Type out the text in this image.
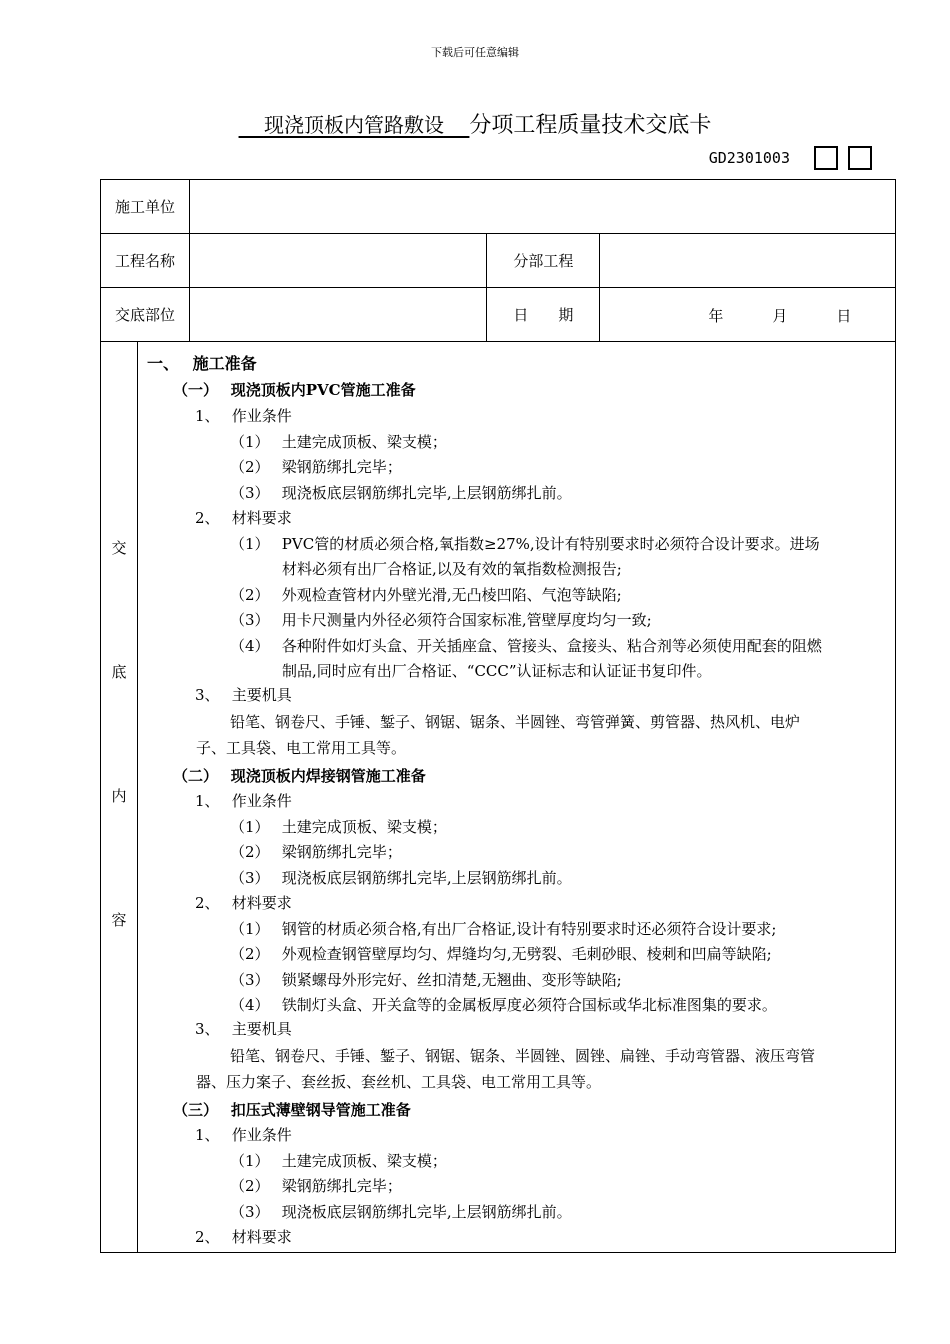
下载后可任意编辑
现浇顶板内管路敷设 分项工程质量技术交底卡
GD2301003
施工单位			
工程名称		分部工程	
交底部位		日　　期	年 月 日
交
底
内
容
一、　 施工准备
（一）　 现浇顶板内PVC管施工准备
1、　 作业条件
（1）　 土建完成顶板、梁支模；
（2）　 梁钢筋绑扎完毕；
（3）　 现浇板底层钢筋绑扎完毕,上层钢筋绑扎前。
2、　 材料要求
（1）　 PVC管的材质必须合格,氧指数≥27%,设计有特别要求时必须符合设计要求。进场
材料必须有出厂合格证,以及有效的氧指数检测报告;
（2）　 外观检查管材内外壁光滑,无凸棱凹陷、气泡等缺陷;
（3）　 用卡尺测量内外径必须符合国家标准,管壁厚度均匀一致;
（4）　 各种附件如灯头盒、开关插座盒、管接头、盒接头、粘合剂等必须使用配套的阻燃
制品,同时应有出厂合格证、“CCC”认证标志和认证证书复印件。
3、　 主要机具
铅笔、钢卷尺、手锤、錾子、钢锯、锯条、半圆锉、弯管弹簧、剪管器、热风机、电炉
子、工具袋、电工常用工具等。
（二）　 现浇顶板内焊接钢管施工准备
1、　 作业条件
（1）　 土建完成顶板、梁支模；
（2）　 梁钢筋绑扎完毕；
（3）　 现浇板底层钢筋绑扎完毕,上层钢筋绑扎前。
2、　 材料要求
（1）　 钢管的材质必须合格,有出厂合格证,设计有特别要求时还必须符合设计要求;
（2）　 外观检查钢管壁厚均匀、焊缝均匀,无劈裂、毛刺砂眼、棱刺和凹扁等缺陷;
（3）　 锁紧螺母外形完好、丝扣清楚,无翘曲、变形等缺陷;
（4）　 铁制灯头盒、开关盒等的金属板厚度必须符合国标或华北标准图集的要求。
3、　 主要机具
铅笔、钢卷尺、手锤、錾子、钢锯、锯条、半圆锉、圆锉、扁锉、手动弯管器、液压弯管
器、压力案子、套丝扳、套丝机、工具袋、电工常用工具等。
（三）　 扣压式薄壁钢导管施工准备
1、　 作业条件
（1）　 土建完成顶板、梁支模；
（2）　 梁钢筋绑扎完毕；
（3）　 现浇板底层钢筋绑扎完毕,上层钢筋绑扎前。
2、　 材料要求
